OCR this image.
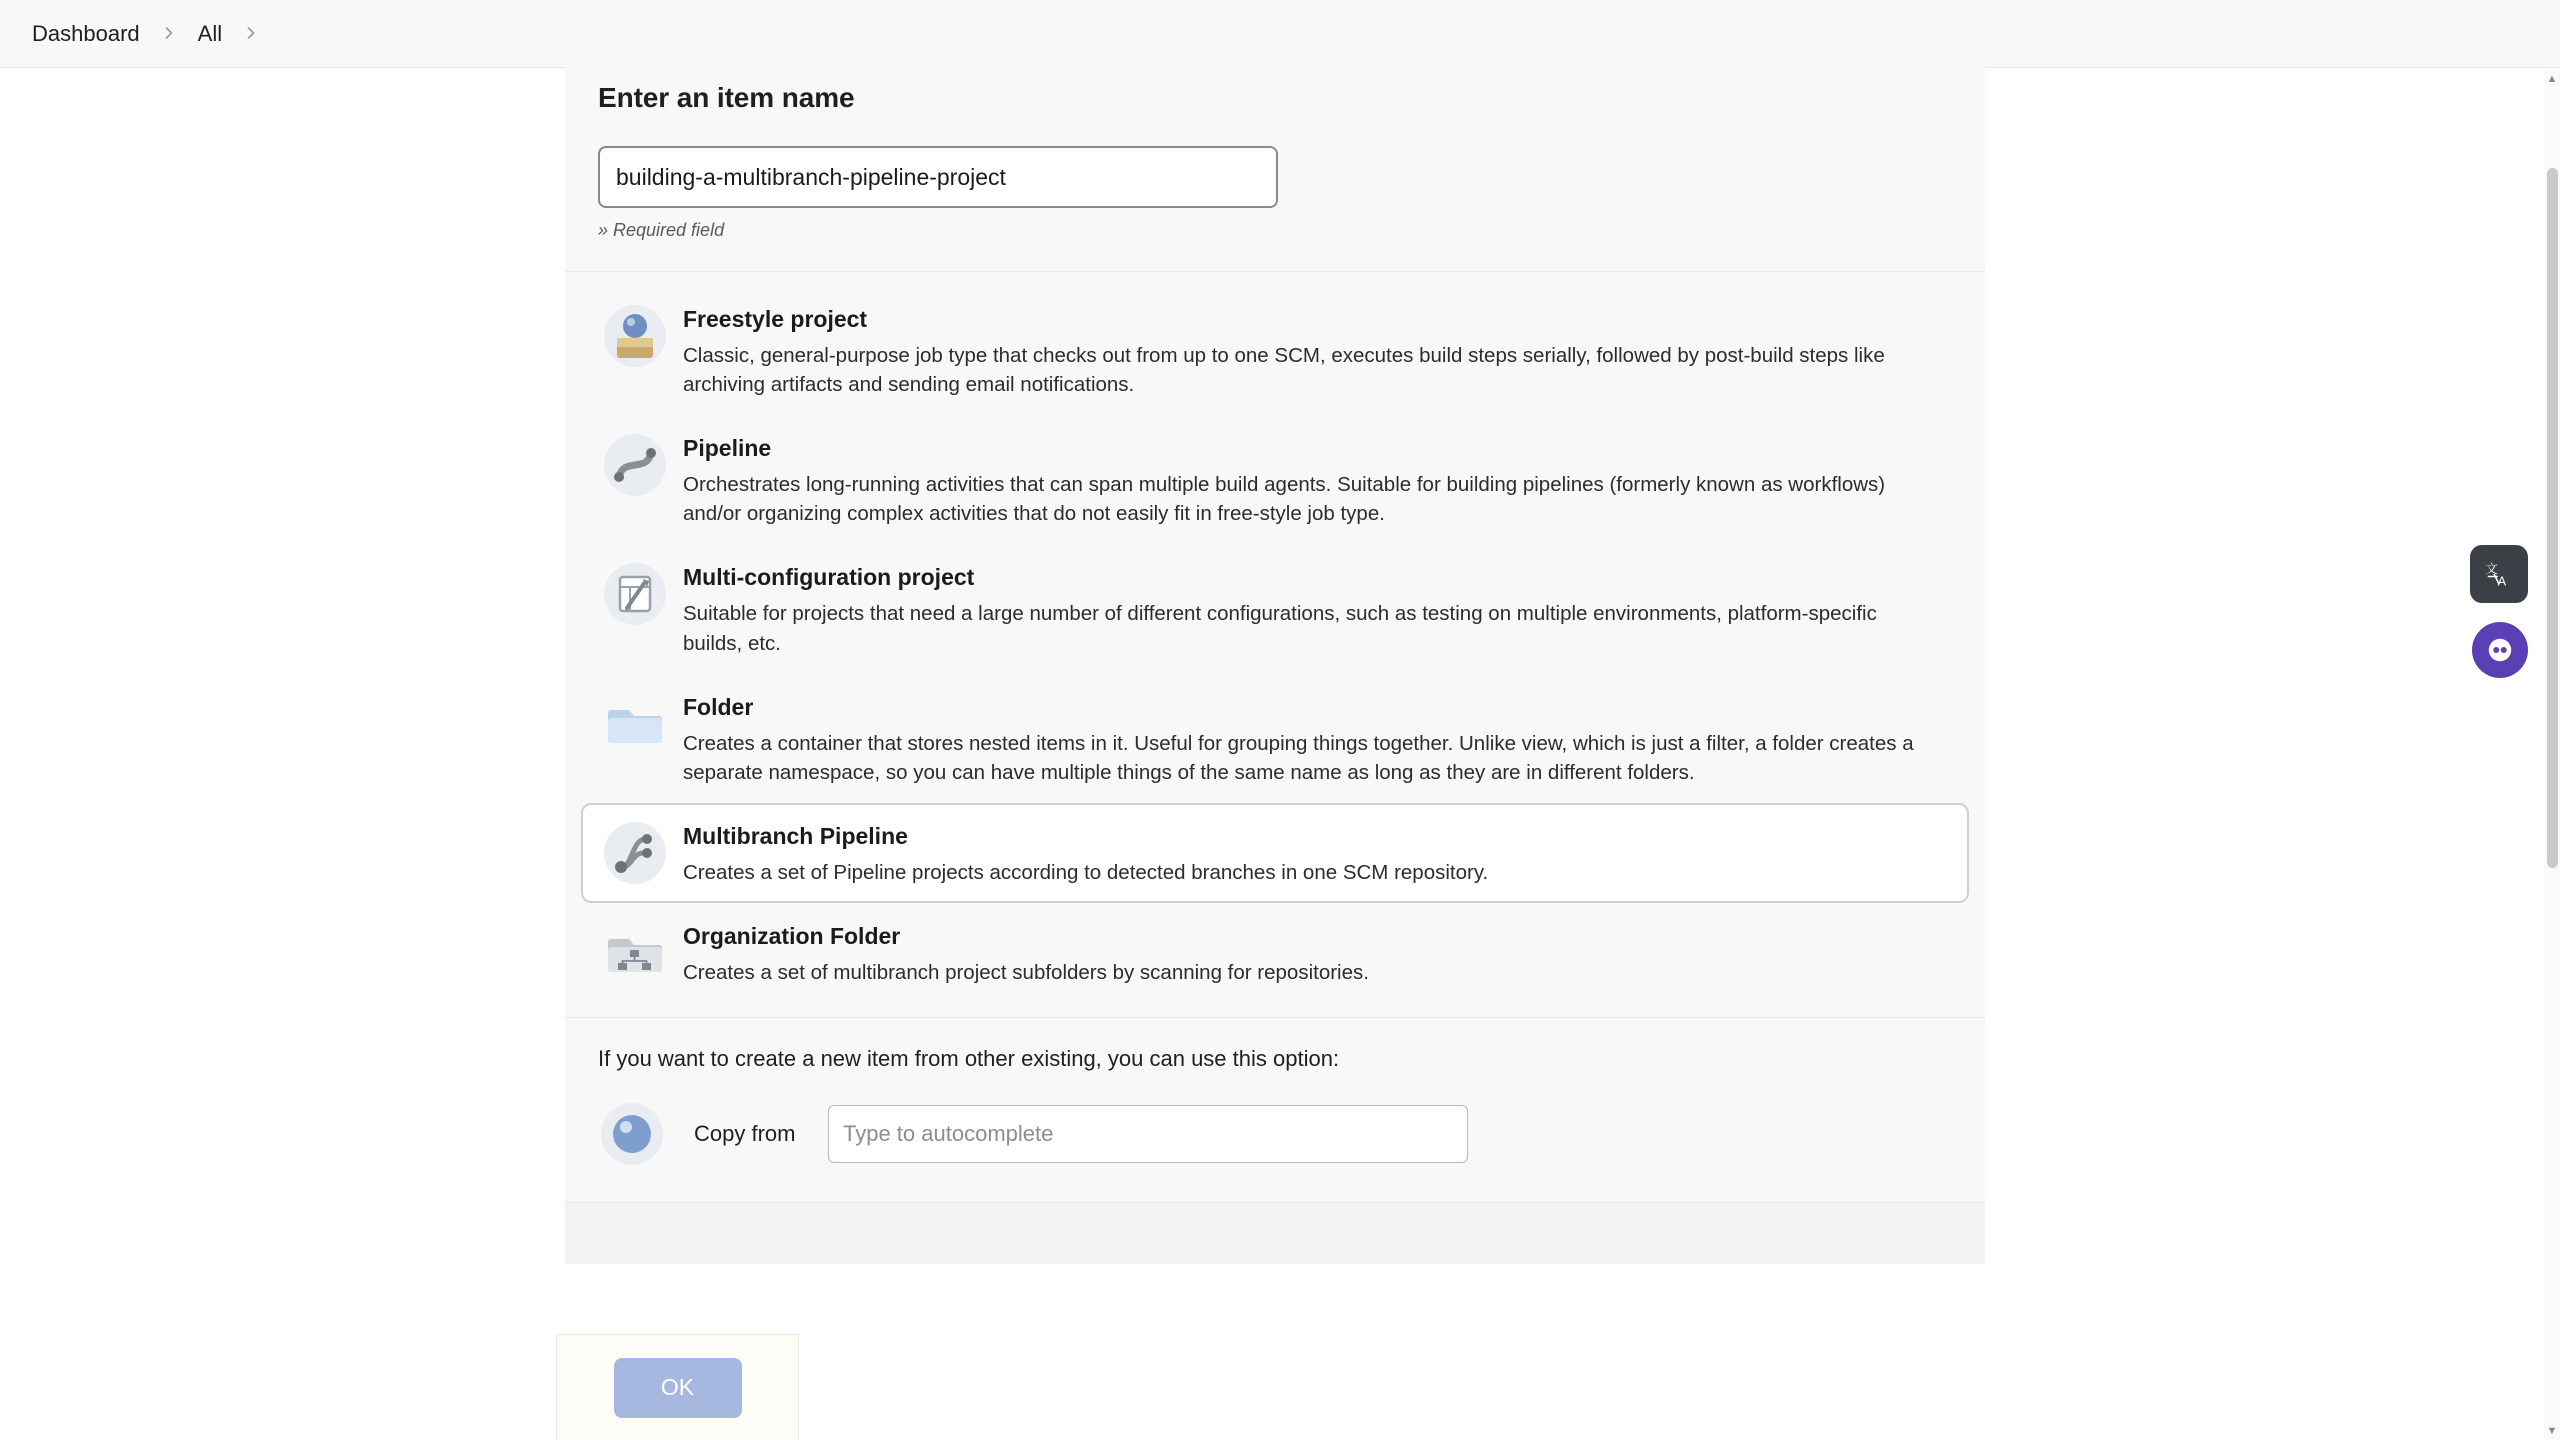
Dashboard	All
Enter an item name
building-a-multibranch-pipeline-project
» Required field
Freestyle project
Classic, general-purpose job type that checks out from up to one SCM, executes build steps serially, followed by post-build steps like archiving artifacts and sending email notifications.
Pipeline
Orchestrates long-running activities that can span multiple build agents. Suitable for building pipelines (formerly known as workflows) and/or organizing complex activities that do not easily fit in free-style job type.
Multi-configuration project
Suitable for projects that need a large number of different configurations, such as testing on multiple environments, platform-specific builds, etc.
Folder
Creates a container that stores nested items in it. Useful for grouping things together. Unlike view, which is just a filter, a folder creates a separate namespace, so you can have multiple things of the same name as long as they are in different folders.
Multibranch Pipeline
Creates a set of Pipeline projects according to detected branches in one SCM repository.
Organization Folder
Creates a set of multibranch project subfolders by scanning for repositories.
If you want to create a new item from other existing, you can use this option:
Copy from
Type to autocomplete
OK
文
A
▲
▼
